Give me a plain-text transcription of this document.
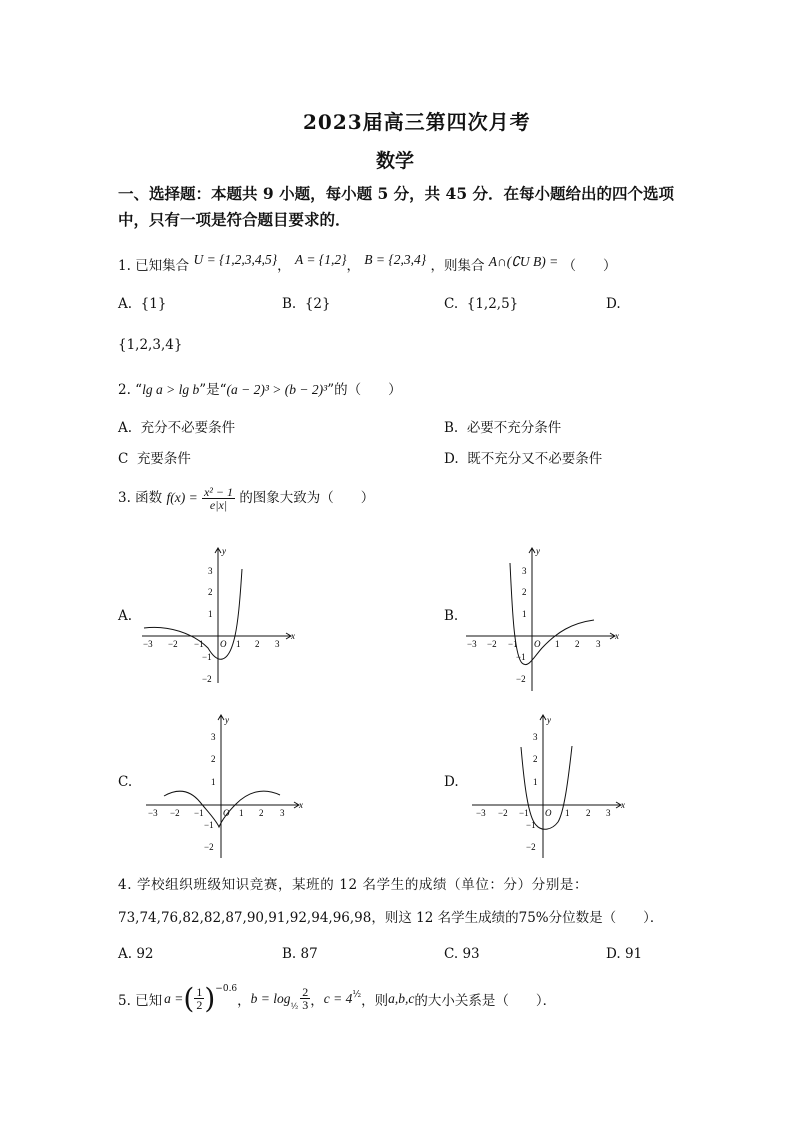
2023届高三第四次月考
数学
一、选择题：本题共 9 小题，每小题 5 分，共 45 分．在每小题给出的四个选项
中，只有一项是符合题目要求的．
1. 已知集合 U = {1,2,3,4,5}， A = {1,2}， B = {2,3,4} ，则集合 A∩(∁U B) = （　　）
A. {1}	B. {2}	C. {1,2,5}	D.
{1,2,3,4}
2. “lg a > lg b”是“(a − 2)³ > (b − 2)³”的（　　）
A. 充分不必要条件	B. 必要不充分条件
C 充要条件	D. 既不充分又不必要条件
3. 函数 $f(x) = \frac{\text{x² − 1}}{e|x|}$ 的图象大致为（　　）
A.	B.
C.	D.
−3 −2 −1 O 1 2 3
x
y
3
2
1
−1
−2
−3 −2 −1 O 1 2 3
x
y
3
2
1
−1
−2
−3 −2 −1 O 1 2 3
x
y
3
2
1
−1
−2
−3 −2 −1 O 1 2 3
x
y
3
2
1
−1
−2
4. 学校组织班级知识竞赛，某班的 12 名学生的成绩（单位：分）分别是：
73,74,76,82,82,87,90,91,92,94,96,98，则这 12 名学生成绩的75%分位数是（　　）．
A. 92	B. 87	C. 93	D. 91
5. 已知 a = ( $\frac{1}{2} )^{-0.6}$
， b = log
$_{\frac{1}{2}} \frac{2}{3}$ ， $c = 4^{\frac{1}{2}}$ ，则 a,b,c 的大小关系是（　　）．
